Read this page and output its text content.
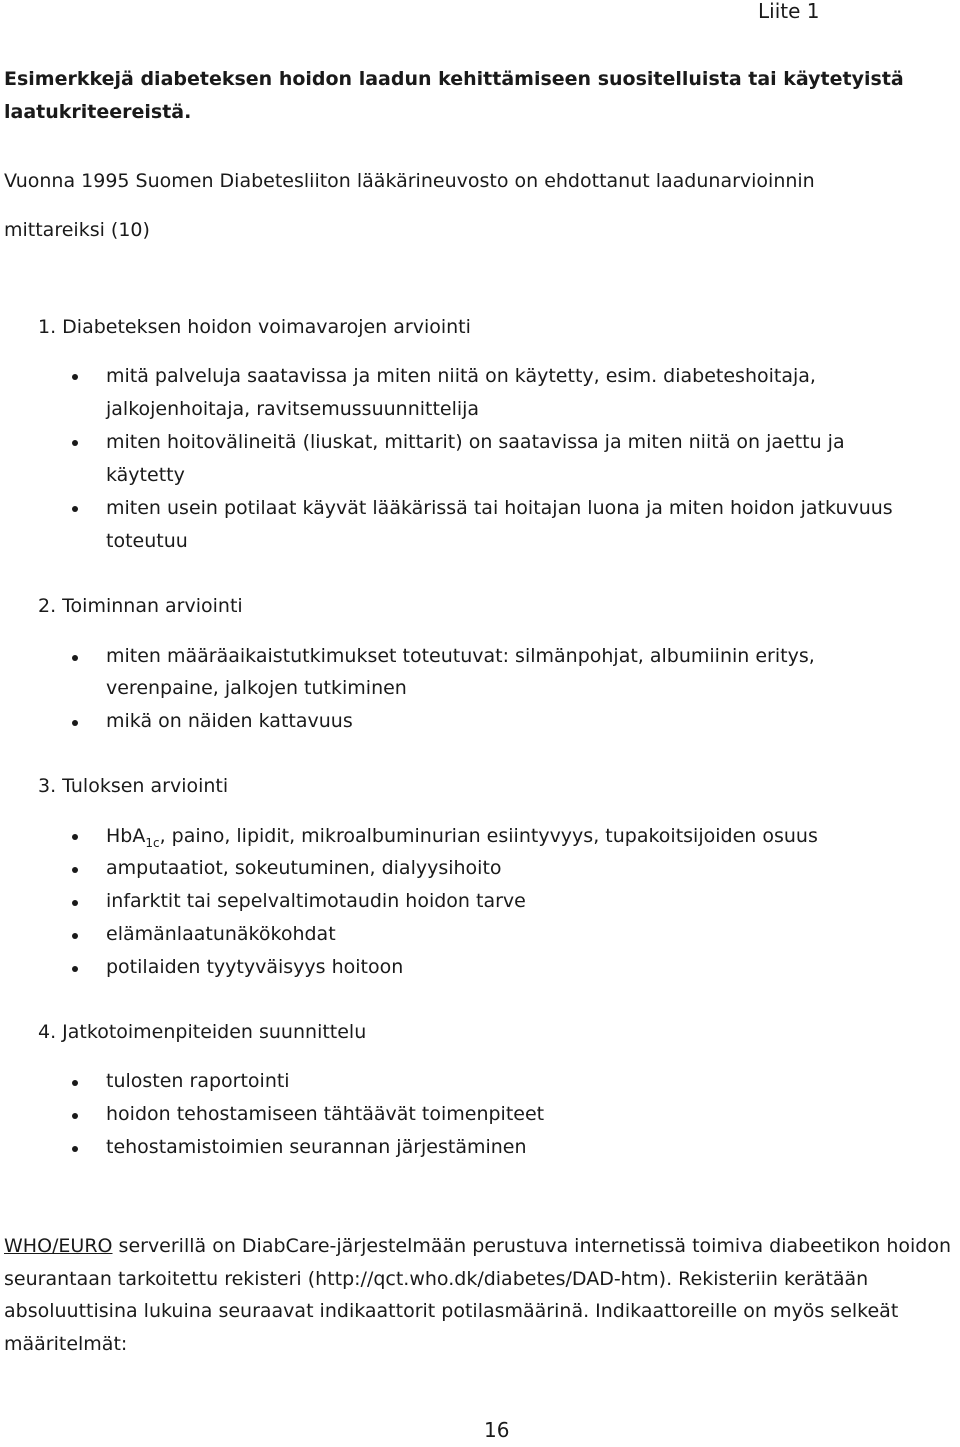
Liite 1
Esimerkkejä diabeteksen hoidon laadun kehittämiseen suositelluista tai käytetyistä
laatukriteereistä.
Vuonna 1995 Suomen Diabetesliiton lääkärineuvosto on ehdottanut laadunarvioinnin
mittareiksi (10)
1. Diabeteksen hoidon voimavarojen arviointi
mitä palveluja saatavissa ja miten niitä on käytetty, esim. diabeteshoitaja,
jalkojenhoitaja, ravitsemussuunnittelija
miten hoitovälineitä (liuskat, mittarit) on saatavissa ja miten niitä on jaettu ja
käytetty
miten usein potilaat käyvät lääkärissä tai hoitajan luona ja miten hoidon jatkuvuus
toteutuu
2. Toiminnan arviointi
miten määräaikaistutkimukset toteutuvat: silmänpohjat, albumiinin eritys,
verenpaine, jalkojen tutkiminen
mikä on näiden kattavuus
3. Tuloksen arviointi
HbA$_{1c}$, paino, lipidit, mikroalbuminurian esiintyvyys, tupakoitsijoiden osuus
amputaatiot, sokeutuminen, dialyysihoito
infarktit tai sepelvaltimotaudin hoidon tarve
elämänlaatunäkökohdat
potilaiden tyytyväisyys hoitoon
4. Jatkotoimenpiteiden suunnittelu
tulosten raportointi
hoidon tehostamiseen tähtäävät toimenpiteet
tehostamistoimien seurannan järjestäminen
WHO/EURO serverillä on DiabCare-järjestelmään perustuva internetissä toimiva diabeetikon hoidon seurantaan tarkoitettu rekisteri (http://qct.who.dk/diabetes/DAD-htm). Rekisteriin kerätään absoluuttisina lukuina seuraavat indikaattorit potilasmäärinä. Indikaattoreille on myös selkeät määritelmät:
16
